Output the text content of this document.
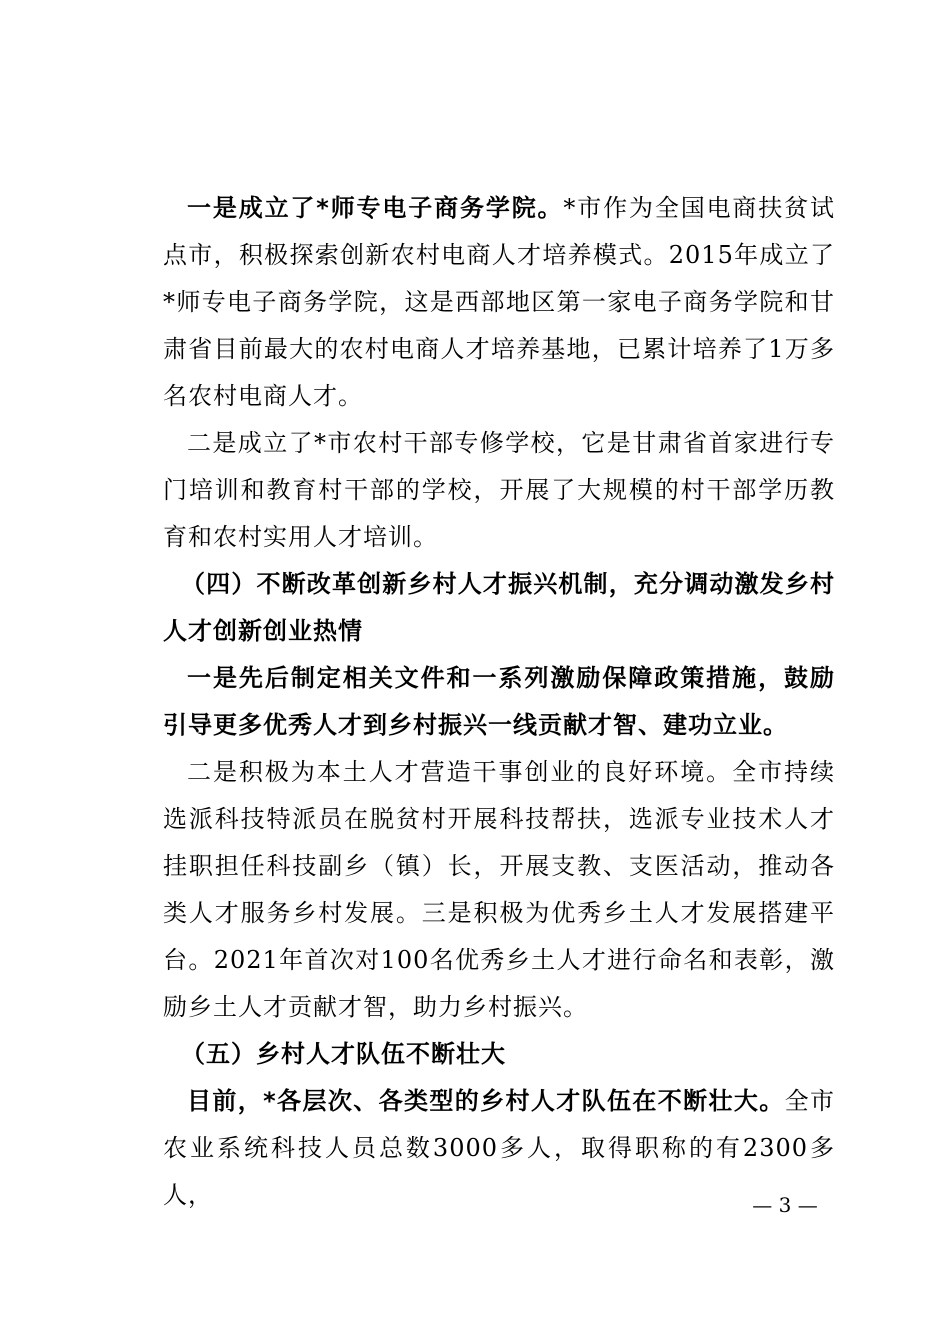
一是成立了*师专电子商务学院。*市作为全国电商扶贫试点市，积极探索创新农村电商人才培养模式。2015年成立了*师专电子商务学院，这是西部地区第一家电子商务学院和甘肃省目前最大的农村电商人才培养基地，已累计培养了1万多名农村电商人才。

二是成立了*市农村干部专修学校，它是甘肃省首家进行专门培训和教育村干部的学校，开展了大规模的村干部学历教育和农村实用人才培训。

（四）不断改革创新乡村人才振兴机制，充分调动激发乡村人才创新创业热情

一是先后制定相关文件和一系列激励保障政策措施，鼓励引导更多优秀人才到乡村振兴一线贡献才智、建功立业。

二是积极为本土人才营造干事创业的良好环境。全市持续选派科技特派员在脱贫村开展科技帮扶，选派专业技术人才挂职担任科技副乡（镇）长，开展支教、支医活动，推动各类人才服务乡村发展。三是积极为优秀乡土人才发展搭建平台。2021年首次对100名优秀乡土人才进行命名和表彰，激励乡土人才贡献才智，助力乡村振兴。

（五）乡村人才队伍不断壮大

目前，*各层次、各类型的乡村人才队伍在不断壮大。全市农业系统科技人员总数3000多人，取得职称的有2300多人，	— 3 —
